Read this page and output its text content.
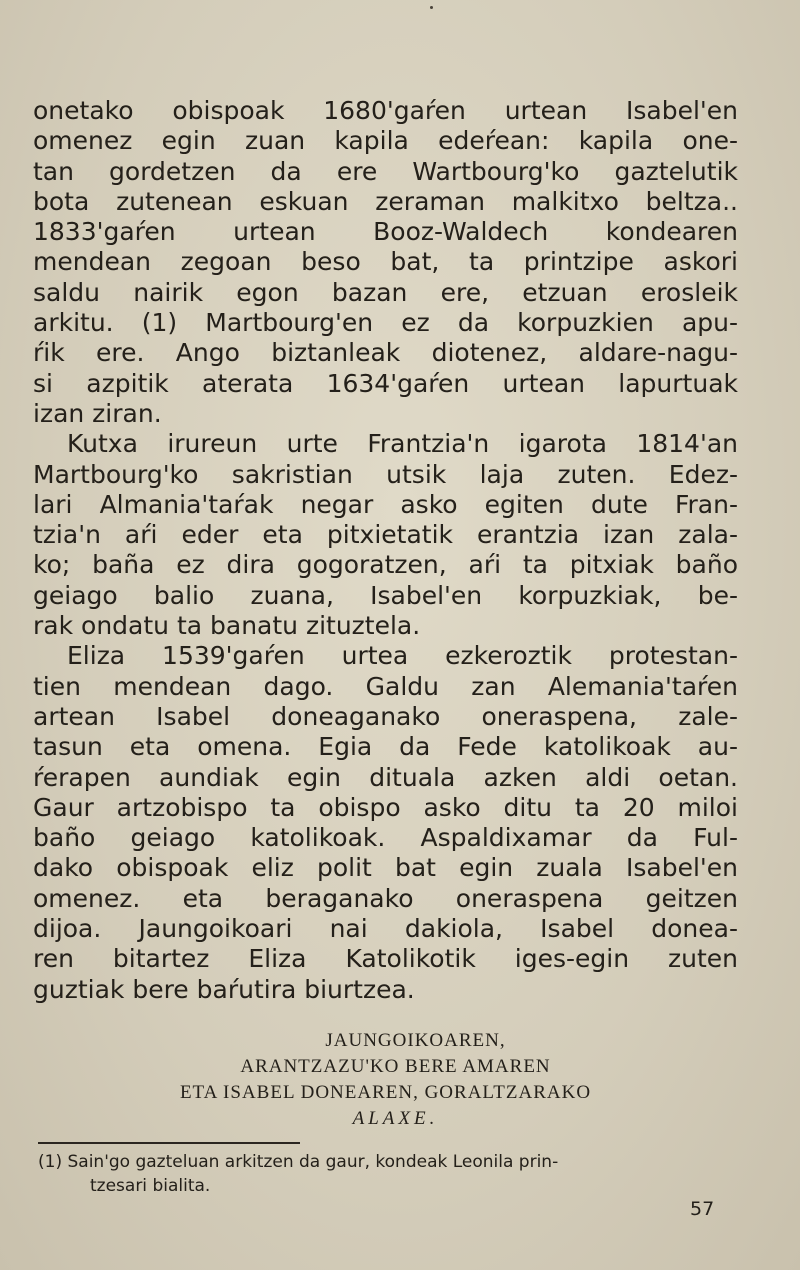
onetako obispoak 1680'gaŕen urtean Isabel'en
omenez egin zuan kapila edeŕean: kapila one-
tan gordetzen da ere Wartbourg'ko gaztelutik
bota zutenean eskuan zeraman malkitxo beltza..
1833'gaŕen urtean Booz-Waldech kondearen
mendean zegoan beso bat, ta printzipe askori
saldu nairik egon bazan ere, etzuan erosleik
arkitu. (1) Martbourg'en ez da korpuzkien apu-
ŕik ere. Ango biztanleak diotenez, aldare-nagu-
si azpitik aterata 1634'gaŕen urtean lapurtuak
izan ziran.
Kutxa irureun urte Frantzia'n igarota 1814'an
Martbourg'ko sakristian utsik laja zuten. Edez-
lari Almania'taŕak negar asko egiten dute Fran-
tzia'n aŕi eder eta pitxietatik erantzia izan zala-
ko; baña ez dira gogoratzen, aŕi ta pitxiak baño
geiago balio zuana, Isabel'en korpuzkiak, be-
rak ondatu ta banatu zituztela.
Eliza 1539'gaŕen urtea ezkeroztik protestan-
tien mendean dago. Galdu zan Alemania'taŕen
artean Isabel doneaganako oneraspena, zale-
tasun eta omena. Egia da Fede katolikoak au-
ŕerapen aundiak egin dituala azken aldi oetan.
Gaur artzobispo ta obispo asko ditu ta 20 miloi
baño geiago katolikoak. Aspaldixamar da Ful-
dako obispoak eliz polit bat egin zuala Isabel'en
omenez. eta beraganako oneraspena geitzen
dijoa. Jaungoikoari nai dakiola, Isabel donea-
ren bitartez Eliza Katolikotik iges-egin zuten
guztiak bere baŕutira biurtzea.
JAUNGOIKOAREN,
ARANTZAZU'KO BERE AMAREN
ETA ISABEL DONEAREN, GORALTZARAKO
ALAXE.
(1) Sain'go gazteluan arkitzen da gaur, kondeak Leonila prin-
tzesari bialita.
57
